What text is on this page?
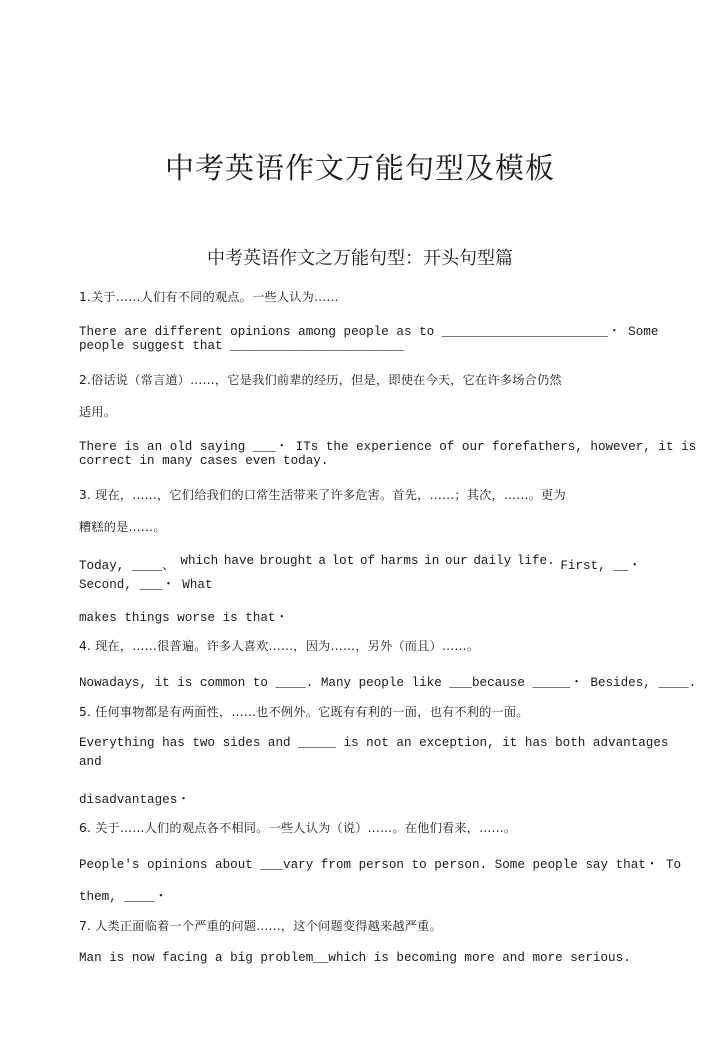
中考英语作文万能句型及模板
中考英语作文之万能句型：开头句型篇
1.关于……人们有不同的观点。一些人认为……
There are different opinions among people as to ______________________・ Some
people suggest that _______________________
2.俗话说（常言道）……，它是我们前辈的经历，但是，即使在今天，它在许多场合仍然
适用。
There is an old saying ___・ ITs the experience of our forefathers, however, it is
correct in many cases even today.
3. 现在，……，它们给我们的口常生活带来了许多危害。首先，……；其次，……。更为
糟糕的是……。
Today, ____、 which have brought a lot of harms in our daily life. First, __・
Second, ___・ What
makes things worse is that・
4. 现在，……很普遍。许多人喜欢……，因为……，另外（而且）……。
Nowadays, it is common to ____. Many people like ___because _____・ Besides, ____.
5. 任何事物都是有两面性，……也不例外。它既有有利的一面，也有不利的一面。
Everything has two sides and _____ is not an exception, it has both advantages
and
disadvantages・
6. 关于……人们的观点各不相同。一些人认为（说）……。在他们看来，……。
People's opinions about ___vary from person to person. Some people say that・ To
them, ____・
7. 人类正面临着一个严重的问题……，这个问题变得越来越严重。
Man is now facing a big problem__which is becoming more and more serious.
